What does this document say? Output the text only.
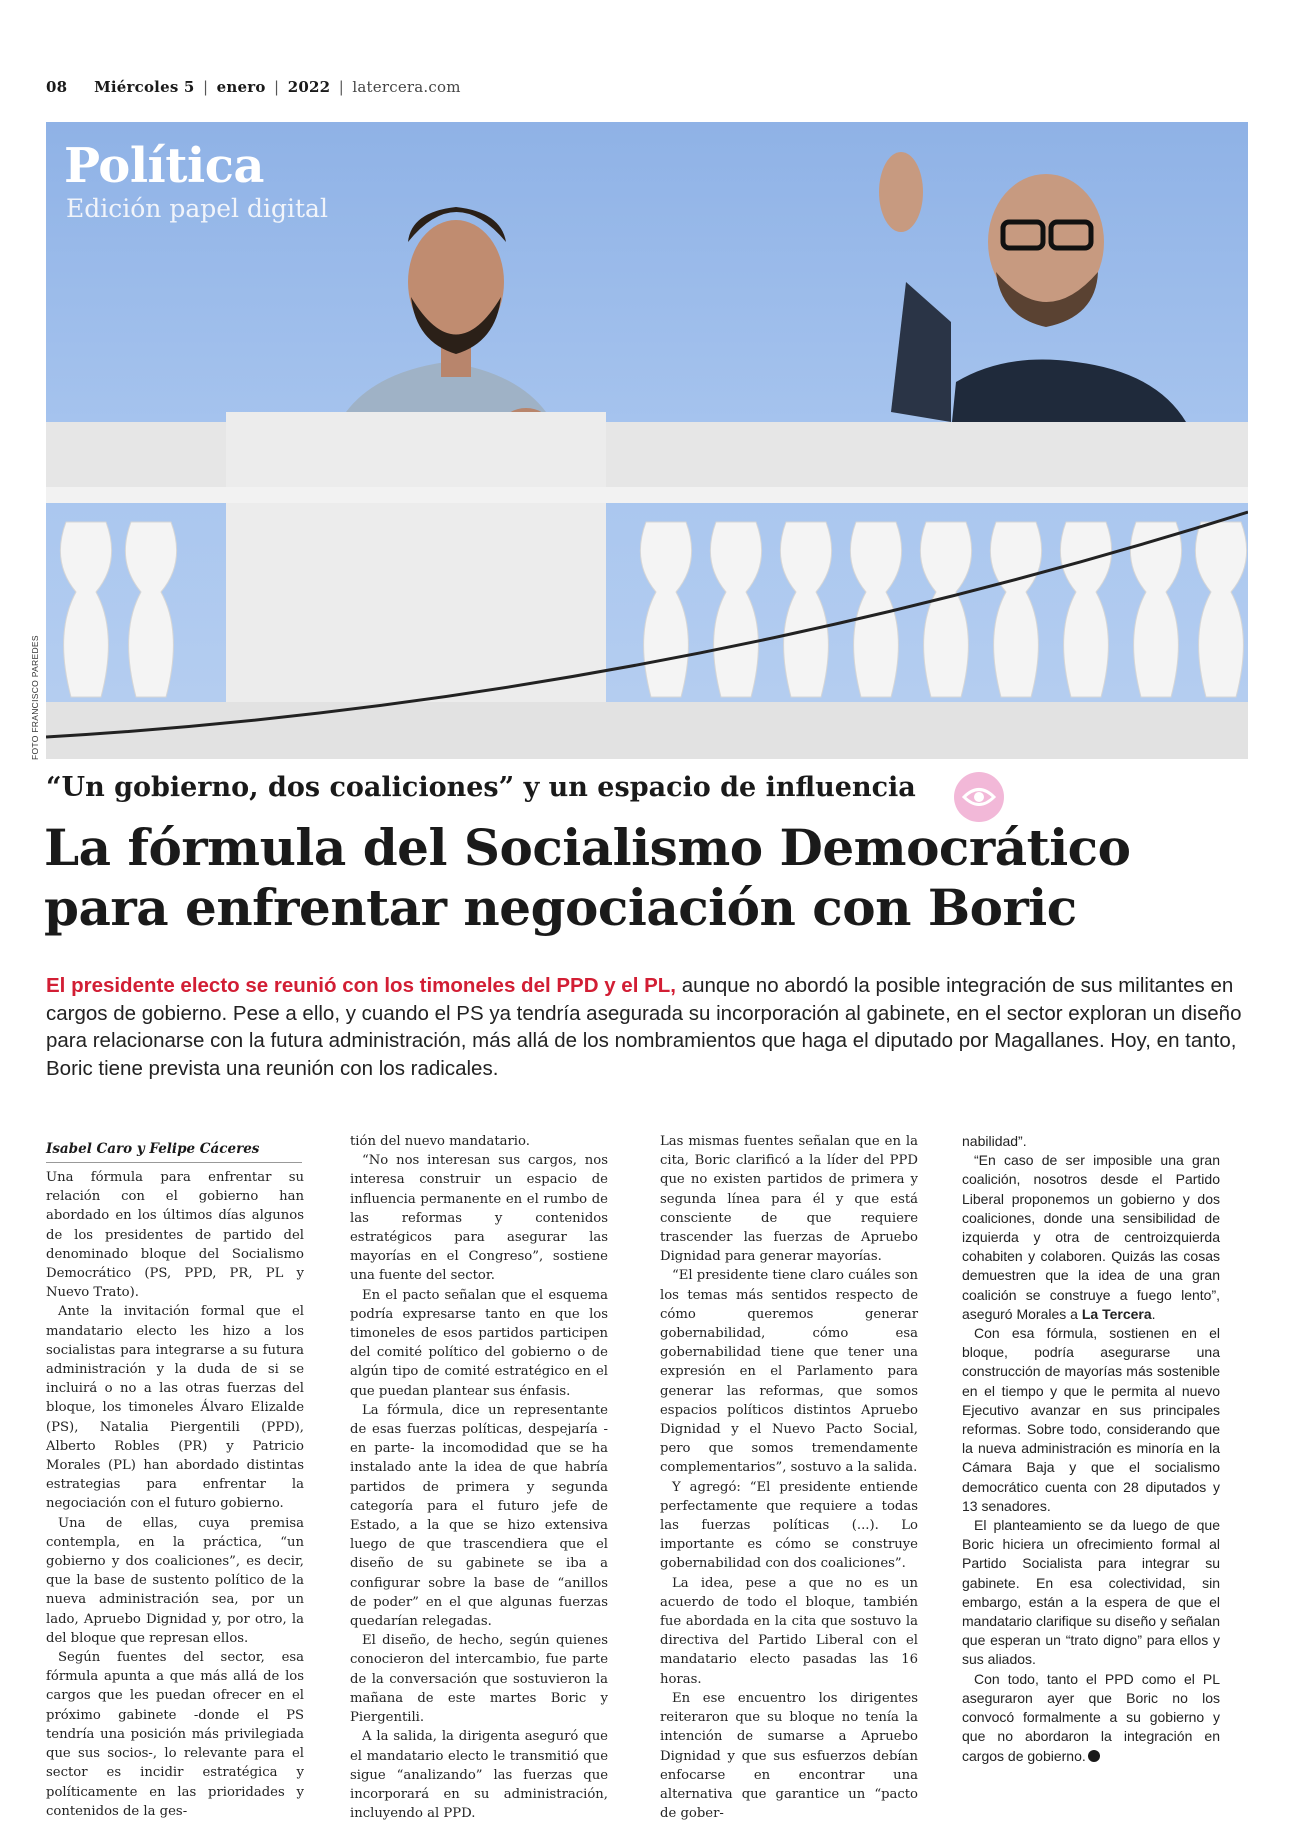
08 Miércoles 5 | enero | 2022 | latercera.com
Política
Edición papel digital
FOTO FRANCISCO PAREDES
“Un gobierno, dos coaliciones” y un espacio de influencia
La fórmula del Socialismo Democrático para enfrentar negociación con Boric
El presidente electo se reunió con los timoneles del PPD y el PL, aunque no abordó la posible integración de sus militantes en cargos de gobierno. Pese a ello, y cuando el PS ya tendría asegurada su incorporación al gabinete, en el sector exploran un diseño para relacionarse con la futura administración, más allá de los nombramientos que haga el diputado por Magallanes. Hoy, en tanto, Boric tiene prevista una reunión con los radicales.
Isabel Caro y Felipe Cáceres

Una fórmula para enfrentar su relación con el gobierno han abordado en los últimos días algunos de los presidentes de partido del denominado bloque del Socialismo Democrático (PS, PPD, PR, PL y Nuevo Trato).

Ante la invitación formal que el mandatario electo les hizo a los socialistas para integrarse a su futura administración y la duda de si se incluirá o no a las otras fuerzas del bloque, los timoneles Álvaro Elizalde (PS), Natalia Piergentili (PPD), Alberto Robles (PR) y Patricio Morales (PL) han abordado distintas estrategias para enfrentar la negociación con el futuro gobierno.

Una de ellas, cuya premisa contempla, en la práctica, “un gobierno y dos coaliciones”, es decir, que la base de sustento político de la nueva administración sea, por un lado, Apruebo Dignidad y, por otro, la del bloque que represan ellos.

Según fuentes del sector, esa fórmula apunta a que más allá de los cargos que les puedan ofrecer en el próximo gabinete -donde el PS tendría una posición más privilegiada que sus socios-, lo relevante para el sector es incidir estratégica y políticamente en las prioridades y contenidos de la ges-

tión del nuevo mandatario.

“No nos interesan sus cargos, nos interesa construir un espacio de influencia permanente en el rumbo de las reformas y contenidos estratégicos para asegurar las mayorías en el Congreso”, sostiene una fuente del sector.

En el pacto señalan que el esquema podría expresarse tanto en que los timoneles de esos partidos participen del comité político del gobierno o de algún tipo de comité estratégico en el que puedan plantear sus énfasis.

La fórmula, dice un representante de esas fuerzas políticas, despejaría -en parte- la incomodidad que se ha instalado ante la idea de que habría partidos de primera y segunda categoría para el futuro jefe de Estado, a la que se hizo extensiva luego de que trascendiera que el diseño de su gabinete se iba a configurar sobre la base de “anillos de poder” en el que algunas fuerzas quedarían relegadas.

El diseño, de hecho, según quienes conocieron del intercambio, fue parte de la conversación que sostuvieron la mañana de este martes Boric y Piergentili.

A la salida, la dirigenta aseguró que el mandatario electo le transmitió que sigue “analizando” las fuerzas que incorporará en su administración, incluyendo al PPD.

Las mismas fuentes señalan que en la cita, Boric clarificó a la líder del PPD que no existen partidos de primera y segunda línea para él y que está consciente de que requiere trascender las fuerzas de Apruebo Dignidad para generar mayorías.

“El presidente tiene claro cuáles son los temas más sentidos respecto de cómo queremos generar gobernabilidad, cómo esa gobernabilidad tiene que tener una expresión en el Parlamento para generar las reformas, que somos espacios políticos distintos Apruebo Dignidad y el Nuevo Pacto Social, pero que somos tremendamente complementarios”, sostuvo a la salida.

Y agregó: “El presidente entiende perfectamente que requiere a todas las fuerzas políticas (...). Lo importante es cómo se construye gobernabilidad con dos coaliciones”.

La idea, pese a que no es un acuerdo de todo el bloque, también fue abordada en la cita que sostuvo la directiva del Partido Liberal con el mandatario electo pasadas las 16 horas.

En ese encuentro los dirigentes reiteraron que su bloque no tenía la intención de sumarse a Apruebo Dignidad y que sus esfuerzos debían enfocarse en encontrar una alternativa que garantice un “pacto de gober-

nabilidad”.

“En caso de ser imposible una gran coalición, nosotros desde el Partido Liberal proponemos un gobierno y dos coaliciones, donde una sensibilidad de izquierda y otra de centroizquierda cohabiten y colaboren. Quizás las cosas demuestren que la idea de una gran coalición se construye a fuego lento”, aseguró Morales a La Tercera.

Con esa fórmula, sostienen en el bloque, podría asegurarse una construcción de mayorías más sostenible en el tiempo y que le permita al nuevo Ejecutivo avanzar en sus principales reformas. Sobre todo, considerando que la nueva administración es minoría en la Cámara Baja y que el socialismo democrático cuenta con 28 diputados y 13 senadores.

El planteamiento se da luego de que Boric hiciera un ofrecimiento formal al Partido Socialista para integrar su gabinete. En esa colectividad, sin embargo, están a la espera de que el mandatario clarifique su diseño y señalan que esperan un “trato digno” para ellos y sus aliados.

Con todo, tanto el PPD como el PL aseguraron ayer que Boric no los convocó formalmente a su gobierno y que no abordaron la integración en cargos de gobierno.
